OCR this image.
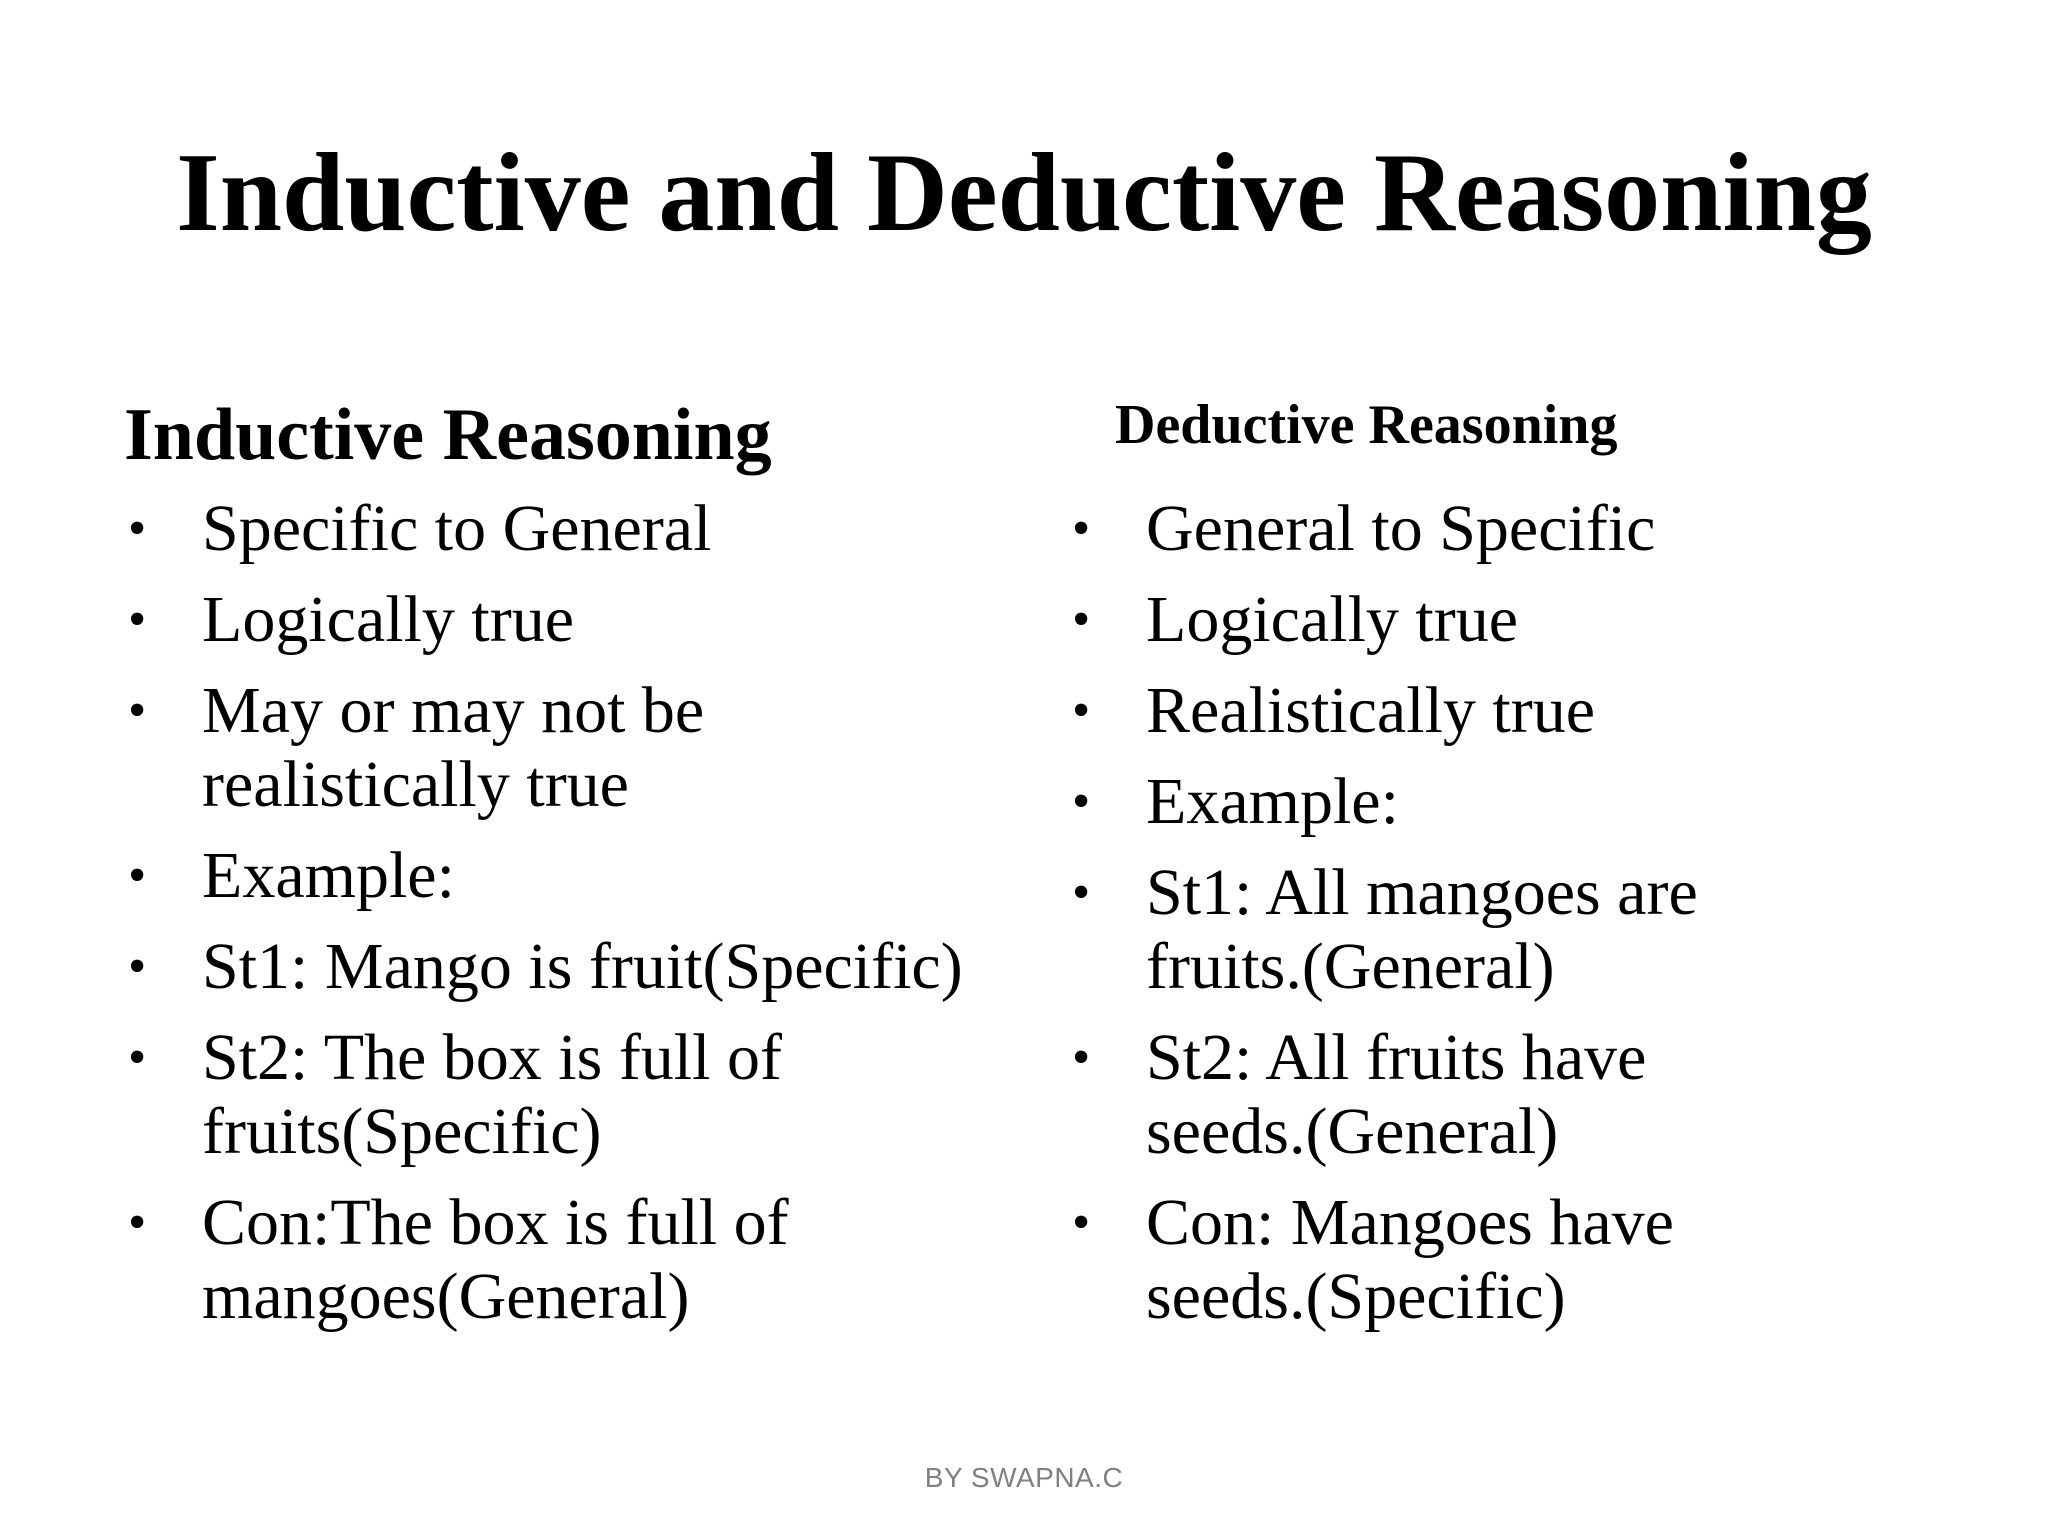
Inductive and Deductive Reasoning
Inductive Reasoning
• Specific to General
• Logically true
• May or may not be realistically true
• Example:
• St1: Mango is fruit(Specific)
• St2: The box is full of fruits(Specific)
• Con:The box is full of mangoes(General)
Deductive Reasoning
• General to Specific
• Logically true
• Realistically true
• Example:
• St1: All mangoes are fruits.(General)
• St2: All fruits have seeds.(General)
• Con: Mangoes have seeds.(Specific)
BY SWAPNA.C
